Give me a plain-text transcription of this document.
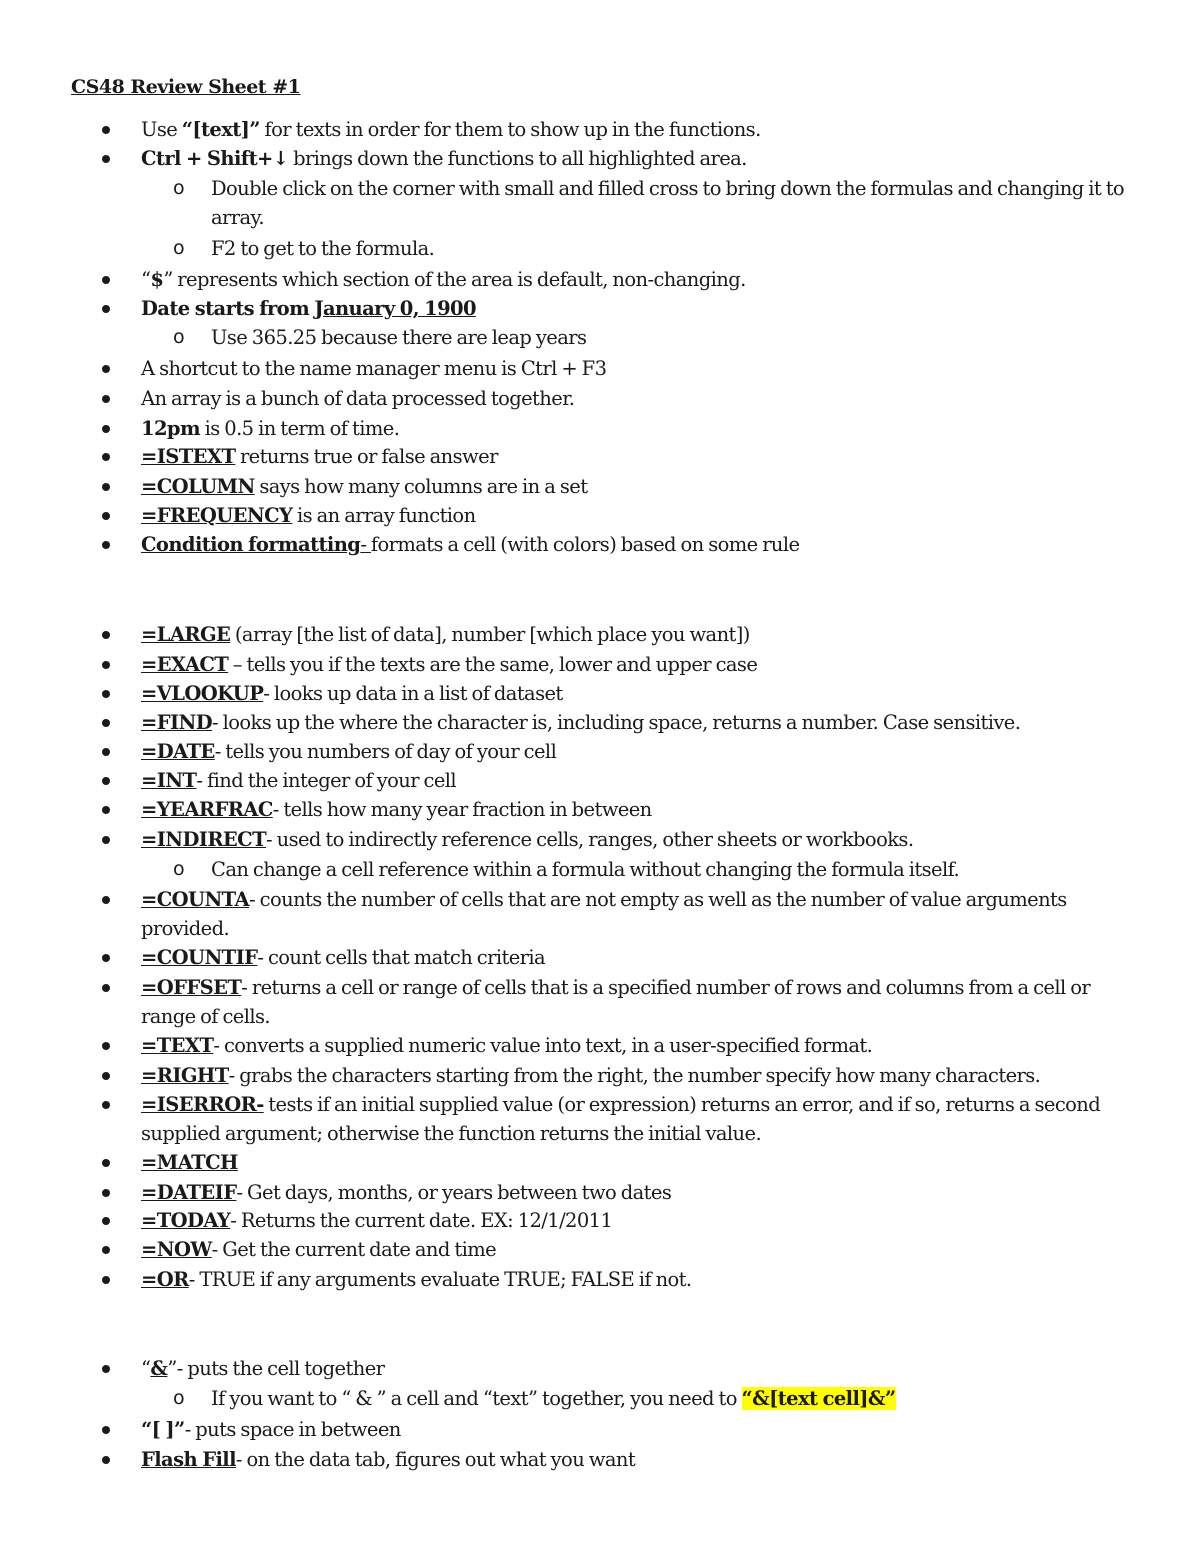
CS48 Review Sheet #1
Use “[text]” for texts in order for them to show up in the functions.
Ctrl + Shift+↓ brings down the functions to all highlighted area.
o Double click on the corner with small and filled cross to bring down the formulas and changing it to array.
o F2 to get to the formula.
“$” represents which section of the area is default, non-changing.
Date starts from January 0, 1900
o Use 365.25 because there are leap years
A shortcut to the name manager menu is Ctrl + F3
An array is a bunch of data processed together.
12pm is 0.5 in term of time.
=ISTEXT returns true or false answer
=COLUMN says how many columns are in a set
=FREQUENCY is an array function
Condition formatting- formats a cell (with colors) based on some rule
=LARGE (array [the list of data], number [which place you want])
=EXACT – tells you if the texts are the same, lower and upper case
=VLOOKUP- looks up data in a list of dataset
=FIND- looks up the where the character is, including space, returns a number. Case sensitive.
=DATE- tells you numbers of day of your cell
=INT- find the integer of your cell
=YEARFRAC- tells how many year fraction in between
=INDIRECT- used to indirectly reference cells, ranges, other sheets or workbooks.
o Can change a cell reference within a formula without changing the formula itself.
=COUNTA- counts the number of cells that are not empty as well as the number of value arguments provided.
=COUNTIF- count cells that match criteria
=OFFSET- returns a cell or range of cells that is a specified number of rows and columns from a cell or range of cells.
=TEXT- converts a supplied numeric value into text, in a user-specified format.
=RIGHT- grabs the characters starting from the right, the number specify how many characters.
=ISERROR- tests if an initial supplied value (or expression) returns an error, and if so, returns a second supplied argument; otherwise the function returns the initial value.
=MATCH
=DATEIF- Get days, months, or years between two dates
=TODAY- Returns the current date. EX: 12/1/2011
=NOW- Get the current date and time
=OR- TRUE if any arguments evaluate TRUE; FALSE if not.
“&”- puts the cell together
o If you want to “ & ” a cell and “text” together, you need to “&[text cell]&”
“[ ]”- puts space in between
Flash Fill- on the data tab, figures out what you want
